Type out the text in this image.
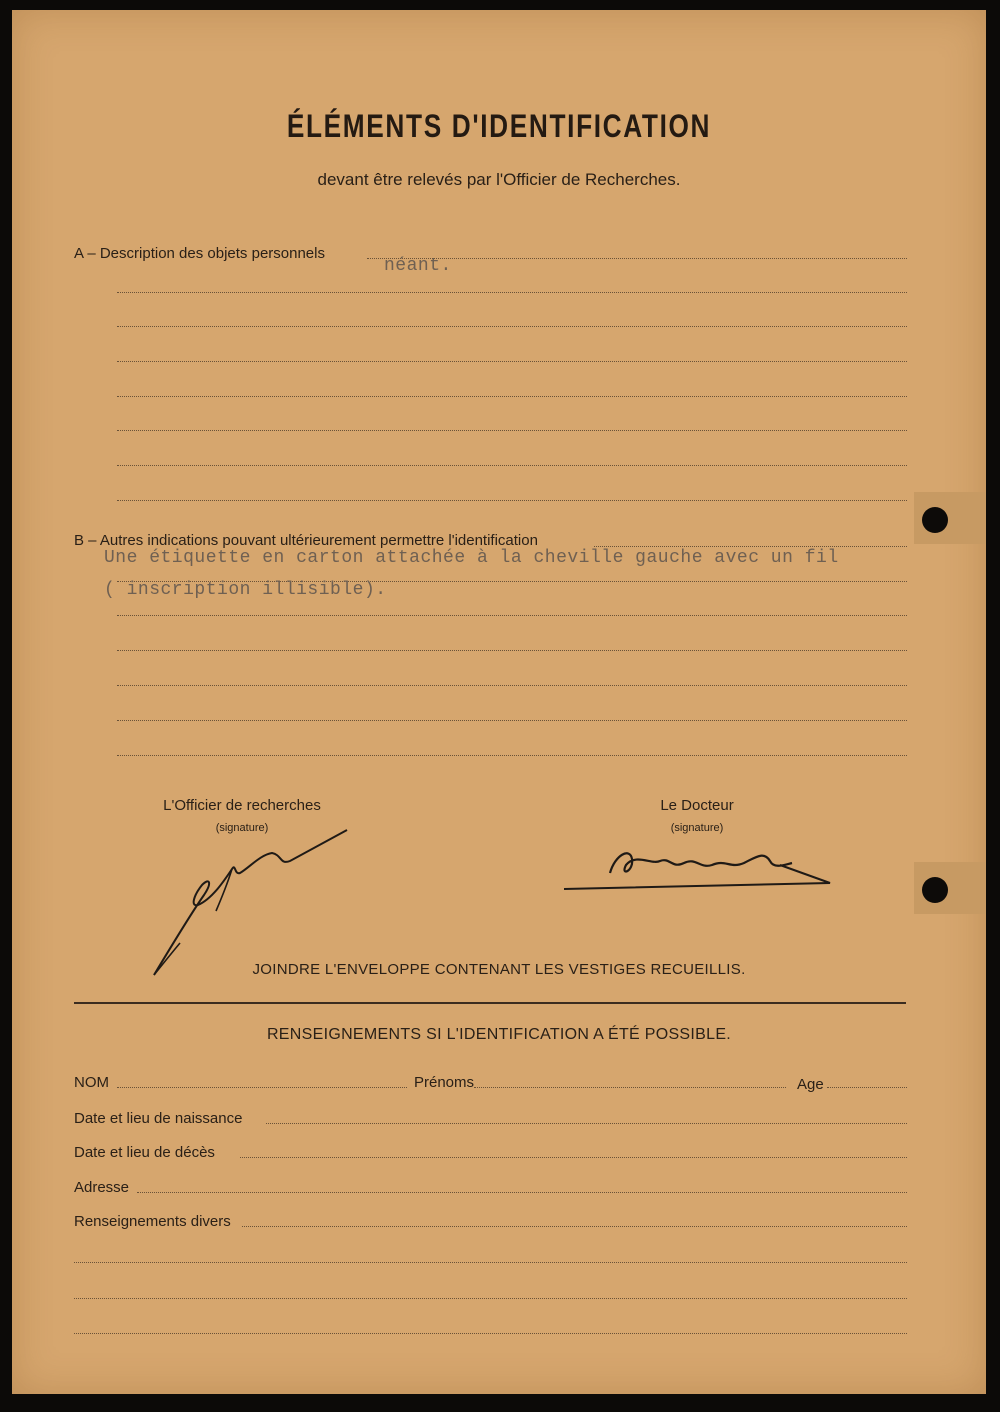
ÉLÉMENTS D'IDENTIFICATION
devant être relevés par l'Officier de Recherches.
A – Description des objets personnels
néant.
B – Autres indications pouvant ultérieurement permettre l'identification
Une étiquette en carton attachée à la cheville gauche avec un fil
( inscription illisible).
L'Officier de recherches
(signature)
Le Docteur
(signature)
JOINDRE L'ENVELOPPE CONTENANT LES VESTIGES RECUEILLIS.
RENSEIGNEMENTS SI L'IDENTIFICATION A ÉTÉ POSSIBLE.
NOM	Prénoms	Age
Date et lieu de naissance
Date et lieu de décès
Adresse
Renseignements divers
